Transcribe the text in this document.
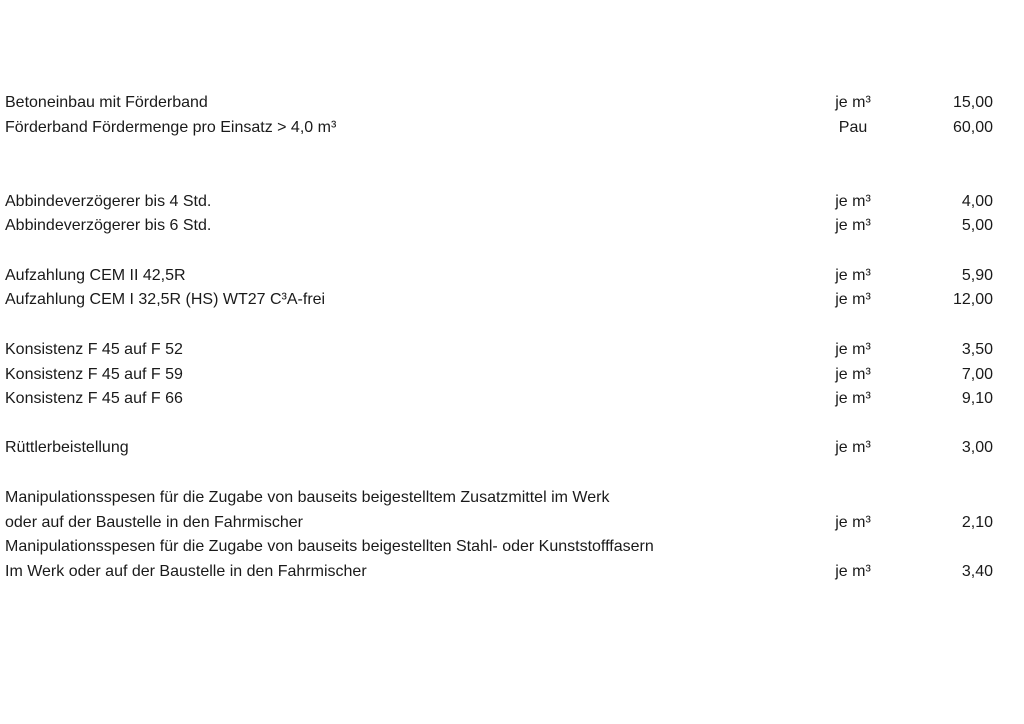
Betoneinbau mit Förderband	je m³	15,00
Förderband Fördermenge pro Einsatz > 4,0 m³	Pau	60,00
Abbindeverzögerer bis 4 Std.	je m³	4,00
Abbindeverzögerer bis 6 Std.	je m³	5,00
Aufzahlung CEM II 42,5R	je m³	5,90
Aufzahlung CEM I 32,5R (HS) WT27 C³A-frei	je m³	12,00
Konsistenz F 45 auf F 52	je m³	3,50
Konsistenz F 45 auf F 59	je m³	7,00
Konsistenz F 45 auf F 66	je m³	9,10
Rüttlerbeistellung	je m³	3,00
Manipulationsspesen für die Zugabe von bauseits beigestelltem Zusatzmittel im Werk
oder auf der Baustelle in den Fahrmischer	je m³	2,10
Manipulationsspesen für die Zugabe von bauseits beigestellten Stahl- oder Kunststofffasern
Im Werk oder auf der Baustelle in den Fahrmischer	je m³	3,40
